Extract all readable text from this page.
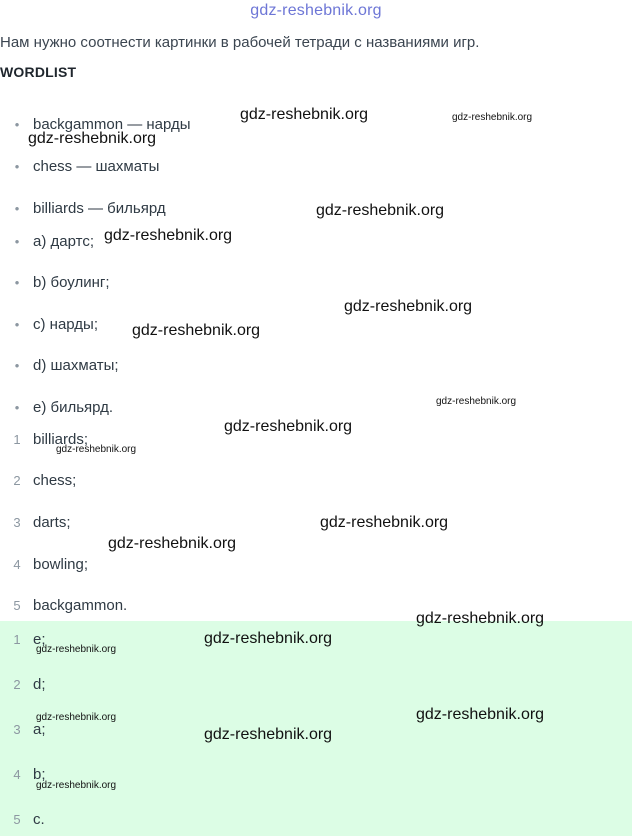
gdz-reshebnik.org
Нам нужно соотнести картинки в рабочей тетради с названиями игр.
WORDLIST
• backgammon — нарды
• chess — шахматы
• billiards — бильярд
• a) дартс;
• b) боулинг;
• c) нарды;
• d) шахматы;
• e) бильярд.
1 billiards;
2 chess;
3 darts;
4 bowling;
5 backgammon.
1 e;
2 d;
3 a;
4 b;
5 c.
gdz-reshebnik.org	gdz-reshebnik.org
gdz-reshebnik.org
gdz-reshebnik.org
gdz-reshebnik.org
gdz-reshebnik.org
gdz-reshebnik.org
gdz-reshebnik.org
gdz-reshebnik.org
gdz-reshebnik.org
gdz-reshebnik.org
gdz-reshebnik.org
gdz-reshebnik.org
gdz-reshebnik.org
gdz-reshebnik.org
gdz-reshebnik.org
gdz-reshebnik.org
gdz-reshebnik.org
gdz-reshebnik.org
